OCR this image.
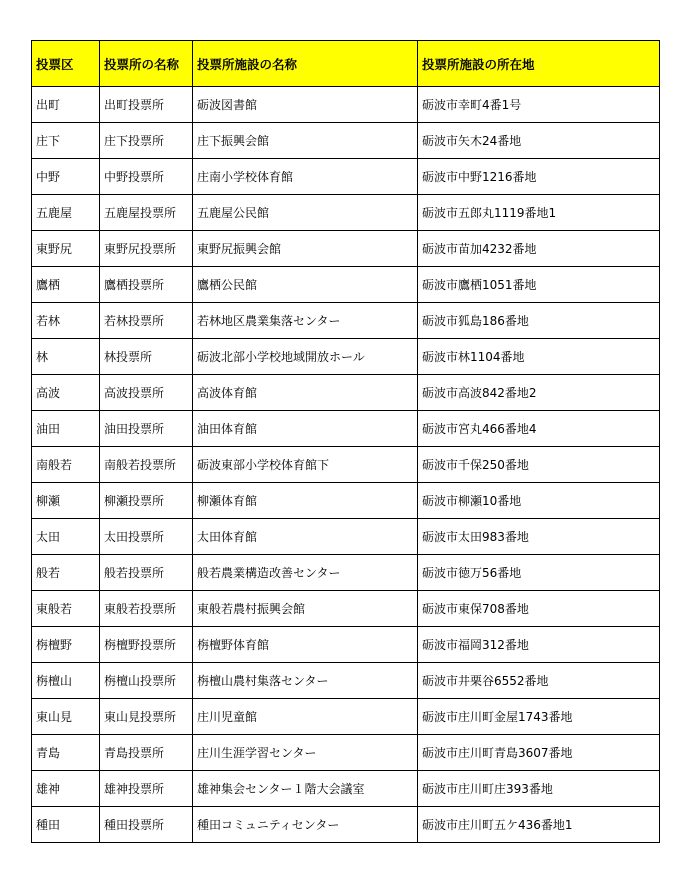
投票区	投票所の名称	投票所施設の名称	投票所施設の所在地
出町	出町投票所	砺波図書館	砺波市幸町4番1号
庄下	庄下投票所	庄下振興会館	砺波市矢木24番地
中野	中野投票所	庄南小学校体育館	砺波市中野1216番地
五鹿屋	五鹿屋投票所	五鹿屋公民館	砺波市五郎丸1119番地1
東野尻	東野尻投票所	東野尻振興会館	砺波市苗加4232番地
鷹栖	鷹栖投票所	鷹栖公民館	砺波市鷹栖1051番地
若林	若林投票所	若林地区農業集落センター	砺波市狐島186番地
林	林投票所	砺波北部小学校地域開放ホール	砺波市林1104番地
高波	高波投票所	高波体育館	砺波市高波842番地2
油田	油田投票所	油田体育館	砺波市宮丸466番地4
南般若	南般若投票所	砺波東部小学校体育館下	砺波市千保250番地
柳瀬	柳瀬投票所	柳瀬体育館	砺波市柳瀬10番地
太田	太田投票所	太田体育館	砺波市太田983番地
般若	般若投票所	般若農業構造改善センター	砺波市徳万56番地
東般若	東般若投票所	東般若農村振興会館	砺波市東保708番地
栴檀野	栴檀野投票所	栴檀野体育館	砺波市福岡312番地
栴檀山	栴檀山投票所	栴檀山農村集落センター	砺波市井栗谷6552番地
東山見	東山見投票所	庄川児童館	砺波市庄川町金屋1743番地
青島	青島投票所	庄川生涯学習センター	砺波市庄川町青島3607番地
雄神	雄神投票所	雄神集会センター１階大会議室	砺波市庄川町庄393番地
種田	種田投票所	種田コミュニティセンター	砺波市庄川町五ケ436番地1
